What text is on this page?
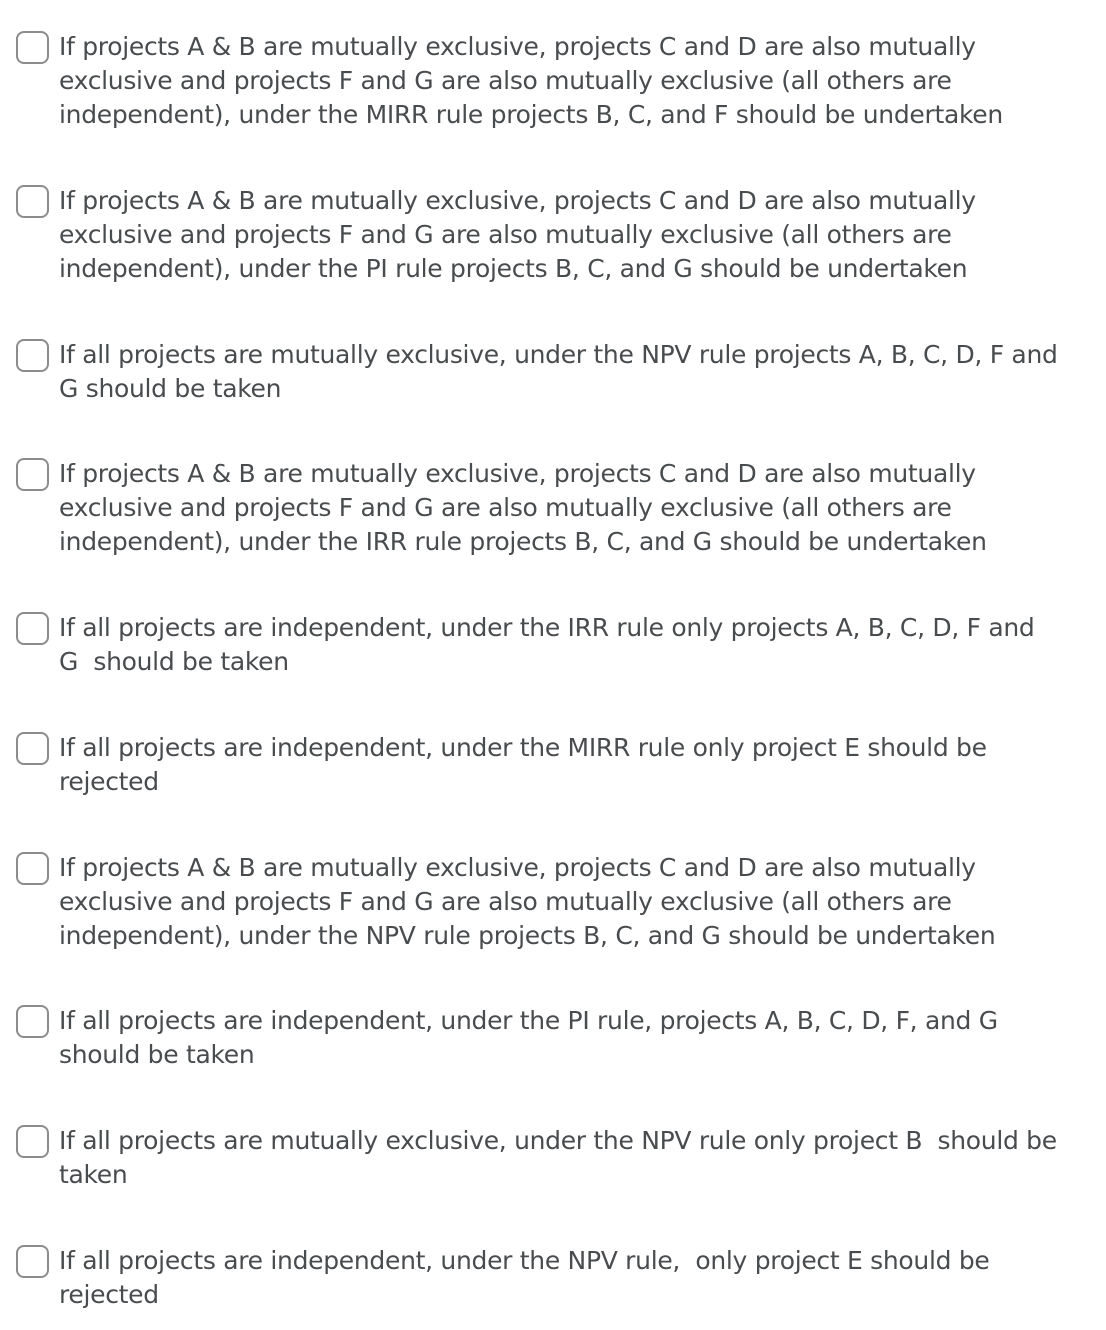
If projects A & B are mutually exclusive, projects C and D are also mutually
exclusive and projects F and G are also mutually exclusive (all others are
independent), under the MIRR rule projects B, C, and F should be undertaken
If projects A & B are mutually exclusive, projects C and D are also mutually
exclusive and projects F and G are also mutually exclusive (all others are
independent), under the PI rule projects B, C, and G should be undertaken
If all projects are mutually exclusive, under the NPV rule projects A, B, C, D, F and
G should be taken
If projects A & B are mutually exclusive, projects C and D are also mutually
exclusive and projects F and G are also mutually exclusive (all others are
independent), under the IRR rule projects B, C, and G should be undertaken
If all projects are independent, under the IRR rule only projects A, B, C, D, F and
G  should be taken
If all projects are independent, under the MIRR rule only project E should be
rejected
If projects A & B are mutually exclusive, projects C and D are also mutually
exclusive and projects F and G are also mutually exclusive (all others are
independent), under the NPV rule projects B, C, and G should be undertaken
If all projects are independent, under the PI rule, projects A, B, C, D, F, and G
should be taken
If all projects are mutually exclusive, under the NPV rule only project B  should be
taken
If all projects are independent, under the NPV rule,  only project E should be
rejected
